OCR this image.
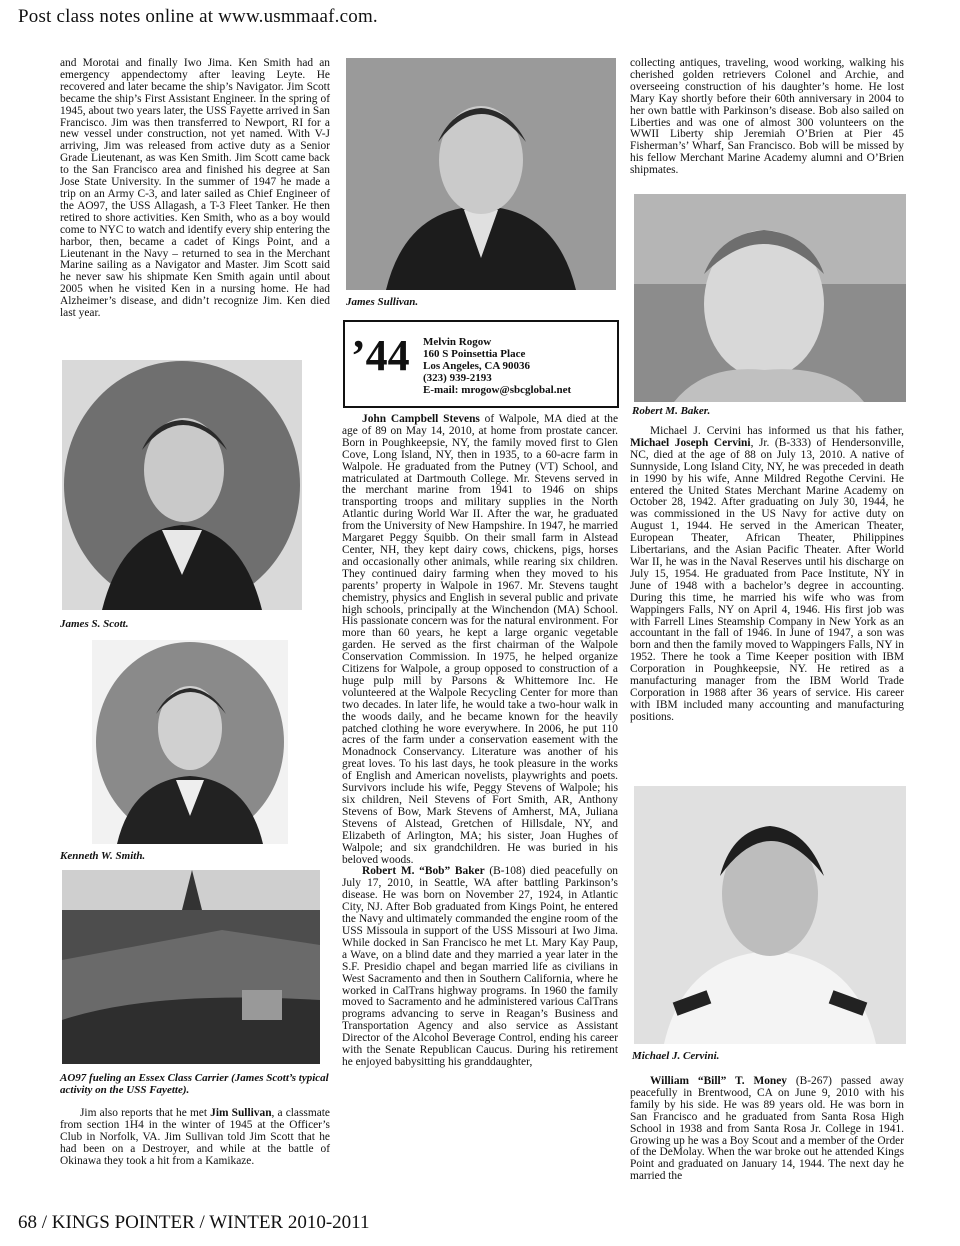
Post class notes online at www.usmmaaf.com.

and Morotai and finally Iwo Jima. Ken Smith had an emergency appendectomy after leaving Leyte. He recovered and later became the ship’s Navigator. Jim Scott became the ship’s First Assistant Engineer. In the spring of 1945, about two years later, the USS Fayette arrived in San Francisco. Jim was then transferred to Newport, RI for a new vessel under construction, not yet named. With V-J arriving, Jim was released from active duty as a Senior Grade Lieutenant, as was Ken Smith. Jim Scott came back to the San Francisco area and finished his degree at San Jose State University. In the summer of 1947 he made a trip on an Army C-3, and later sailed as Chief Engineer of the AO97, the USS Allagash, a T-3 Fleet Tanker. He then retired to shore activities. Ken Smith, who as a boy would come to NYC to watch and identify every ship entering the harbor, then, became a cadet of Kings Point, and a Lieutenant in the Navy – returned to sea in the Merchant Marine sailing as a Navigator and Master. Jim Scott said he never saw his shipmate Ken Smith again until about 2005 when he visited Ken in a nursing home. He had Alzheimer’s disease, and didn’t recognize Jim. Ken died last year.

James S. Scott.
Kenneth W. Smith.
AO97 fueling an Essex Class Carrier (James Scott’s typical activity on the USS Fayette).

Jim also reports that he met Jim Sullivan, a classmate from section 1H4 in the winter of 1945 at the Officer’s Club in Norfolk, VA. Jim Sullivan told Jim Scott that he had been on a Destroyer, and while at the battle of Okinawa they took a hit from a Kamikaze.

James Sullivan.
’44 Melvin Rogow
160 S Poinsettia Place
Los Angeles, CA 90036
(323) 939-2193
E-mail: mrogow@sbcglobal.net

John Campbell Stevens of Walpole, MA died at the age of 89 on May 14, 2010, at home from prostate cancer. Born in Poughkeepsie, NY, the family moved first to Glen Cove, Long Island, NY, then in 1935, to a 60-acre farm in Walpole. He graduated from the Putney (VT) School, and matriculated at Dartmouth College. Mr. Stevens served in the merchant marine from 1941 to 1946 on ships transporting troops and military supplies in the North Atlantic during World War II. After the war, he graduated from the University of New Hampshire. In 1947, he married Margaret Peggy Squibb. On their small farm in Alstead Center, NH, they kept dairy cows, chickens, pigs, horses and occasionally other animals, while rearing six children. They continued dairy farming when they moved to his parents’ property in Walpole in 1967. Mr. Stevens taught chemistry, physics and English in several public and private high schools, principally at the Winchendon (MA) School. His passionate concern was for the natural environment. For more than 60 years, he kept a large organic vegetable garden. He served as the first chairman of the Walpole Conservation Commission. In 1975, he helped organize Citizens for Walpole, a group opposed to construction of a huge pulp mill by Parsons & Whittemore Inc. He volunteered at the Walpole Recycling Center for more than two decades. In later life, he would take a two-hour walk in the woods daily, and he became known for the heavily patched clothing he wore everywhere. In 2006, he put 110 acres of the farm under a conservation easement with the Monadnock Conservancy. Literature was another of his great loves. To his last days, he took pleasure in the works of English and American novelists, playwrights and poets. Survivors include his wife, Peggy Stevens of Walpole; his six children, Neil Stevens of Fort Smith, AR, Anthony Stevens of Bow, Mark Stevens of Amherst, MA, Juliana Stevens of Alstead, Gretchen of Hillsdale, NY, and Elizabeth of Arlington, MA; his sister, Joan Hughes of Walpole; and six grandchildren. He was buried in his beloved woods.

Robert M. “Bob” Baker (B-108) died peacefully on July 17, 2010, in Seattle, WA after battling Parkinson’s disease. He was born on November 27, 1924, in Atlantic City, NJ. After Bob graduated from Kings Point, he entered the Navy and ultimately commanded the engine room of the USS Missoula in support of the USS Missouri at Iwo Jima. While docked in San Francisco he met Lt. Mary Kay Paup, a Wave, on a blind date and they married a year later in the S.F. Presidio chapel and began married life as civilians in West Sacramento and then in Southern California, where he worked in CalTrans highway programs. In 1960 the family moved to Sacramento and he administered various CalTrans programs advancing to serve in Reagan’s Business and Transportation Agency and also service as Assistant Director of the Alcohol Beverage Control, ending his career with the Senate Republican Caucus. During his retirement he enjoyed babysitting his granddaughter,

collecting antiques, traveling, wood working, walking his cherished golden retrievers Colonel and Archie, and overseeing construction of his daughter’s home. He lost Mary Kay shortly before their 60th anniversary in 2004 to her own battle with Parkinson’s disease. Bob also sailed on Liberties and was one of almost 300 volunteers on the WWII Liberty ship Jeremiah O’Brien at Pier 45 Fisherman’s’ Wharf, San Francisco. Bob will be missed by his fellow Merchant Marine Academy alumni and O’Brien shipmates.

Robert M. Baker.

Michael J. Cervini has informed us that his father, Michael Joseph Cervini, Jr. (B-333) of Hendersonville, NC, died at the age of 88 on July 13, 2010. A native of Sunnyside, Long Island City, NY, he was preceded in death in 1990 by his wife, Anne Mildred Regothe Cervini. He entered the United States Merchant Marine Academy on October 28, 1942. After graduating on July 30, 1944, he was commissioned in the US Navy for active duty on August 1, 1944. He served in the American Theater, European Theater, African Theater, Philippines Libertarians, and the Asian Pacific Theater. After World War II, he was in the Naval Reserves until his discharge on July 15, 1954. He graduated from Pace Institute, NY in June of 1948 with a bachelor’s degree in accounting. During this time, he married his wife who was from Wappingers Falls, NY on April 4, 1946. His first job was with Farrell Lines Steamship Company in New York as an accountant in the fall of 1946. In June of 1947, a son was born and then the family moved to Wappingers Falls, NY in 1952. There he took a Time Keeper position with IBM Corporation in Poughkeepsie, NY. He retired as a manufacturing manager from the IBM World Trade Corporation in 1988 after 36 years of service. His career with IBM included many accounting and manufacturing positions.

Michael J. Cervini.

William “Bill” T. Money (B-267) passed away peacefully in Brentwood, CA on June 9, 2010 with his family by his side. He was 89 years old. He was born in San Francisco and he graduated from Santa Rosa High School in 1938 and from Santa Rosa Jr. College in 1941. Growing up he was a Boy Scout and a member of the Order of the DeMolay. When the war broke out he attended Kings Point and graduated on January 14, 1944. The next day he married the

68 / KINGS POINTER / WINTER 2010-2011
